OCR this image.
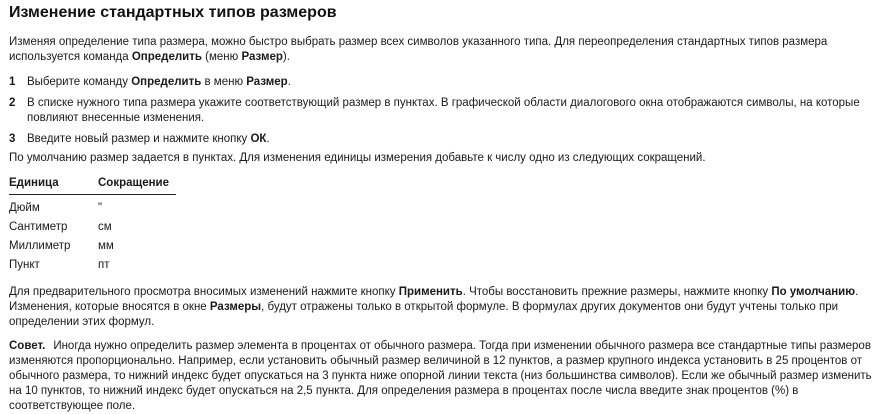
Изменение стандартных типов размеров

Изменяя определение типа размера, можно быстро выбрать размер всех символов указанного типа. Для переопределения стандартных типов размера используется команда Определить (меню Размер).

1	Выберите команду Определить в меню Размер.
2	В списке нужного типа размера укажите соответствующий размер в пунктах. В графической области диалогового окна отображаются символы, на которые повлияют внесенные изменения.
3	Введите новый размер и нажмите кнопку ОК.

По умолчанию размер задается в пунктах. Для изменения единицы измерения добавьте к числу одно из следующих сокращений.

Единица	Сокращение
Дюйм	"
Сантиметр	см
Миллиметр	мм
Пункт	пт

Для предварительного просмотра вносимых изменений нажмите кнопку Применить. Чтобы восстановить прежние размеры, нажмите кнопку По умолчанию. Изменения, которые вносятся в окне Размеры, будут отражены только в открытой формуле. В формулах других документов они будут учтены только при определении этих формул.

Совет. Иногда нужно определить размер элемента в процентах от обычного размера. Тогда при изменении обычного размера все стандартные типы размеров изменяются пропорционально. Например, если установить обычный размер величиной в 12 пунктов, а размер крупного индекса установить в 25 процентов от обычного размера, то нижний индекс будет опускаться на 3 пункта ниже опорной линии текста (низ большинства символов). Если же обычный размер изменить на 10 пунктов, то нижний индекс будет опускаться на 2,5 пункта. Для определения размера в процентах после числа введите знак процентов (%) в соответствующее поле.
